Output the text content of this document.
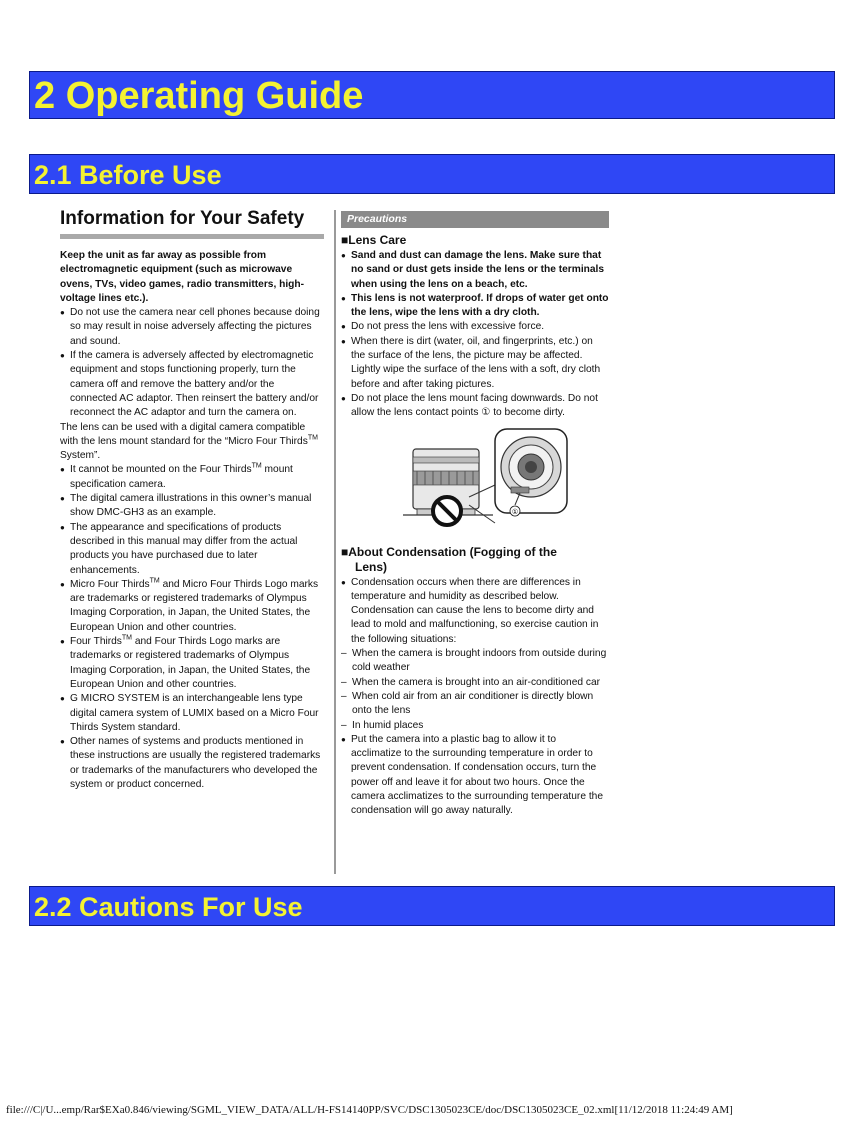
2 Operating Guide
2.1 Before Use

Information for Your Safety

Keep the unit as far away as possible from electromagnetic equipment (such as microwave ovens, TVs, video games, radio transmitters, high-voltage lines etc.).

● Do not use the camera near cell phones because doing so may result in noise adversely affecting the pictures and sound.
● If the camera is adversely affected by electromagnetic equipment and stops functioning properly, turn the camera off and remove the battery and/or the connected AC adaptor. Then reinsert the battery and/or reconnect the AC adaptor and turn the camera on.

The lens can be used with a digital camera compatible with the lens mount standard for the “Micro Four Thirds™ System”.

● It cannot be mounted on the Four Thirds™ mount specification camera.
● The digital camera illustrations in this owner’s manual show DMC-GH3 as an example.
● The appearance and specifications of products described in this manual may differ from the actual products you have purchased due to later enhancements.
● Micro Four Thirds™ and Micro Four Thirds Logo marks are trademarks or registered trademarks of Olympus Imaging Corporation, in Japan, the United States, the European Union and other countries.
● Four Thirds™ and Four Thirds Logo marks are trademarks or registered trademarks of Olympus Imaging Corporation, in Japan, the United States, the European Union and other countries.
● G MICRO SYSTEM is an interchangeable lens type digital camera system of LUMIX based on a Micro Four Thirds System standard.
● Other names of systems and products mentioned in these instructions are usually the registered trademarks or trademarks of the manufacturers who developed the system or product concerned.
Precautions
■Lens Care
● Sand and dust can damage the lens. Make sure that no sand or dust gets inside the lens or the terminals when using the lens on a beach, etc.
● This lens is not waterproof. If drops of water get onto the lens, wipe the lens with a dry cloth.
● Do not press the lens with excessive force.
● When there is dirt (water, oil, and fingerprints, etc.) on the surface of the lens, the picture may be affected. Lightly wipe the surface of the lens with a soft, dry cloth before and after taking pictures.
● Do not place the lens mount facing downwards. Do not allow the lens contact points ① to become dirty.
①
■About Condensation (Fogging of the
Lens)
● Condensation occurs when there are differences in temperature and humidity as described below. Condensation can cause the lens to become dirty and lead to mold and malfunctioning, so exercise caution in the following situations:
– When the camera is brought indoors from outside during cold weather
– When the camera is brought into an air-conditioned car
– When cold air from an air conditioner is directly blown onto the lens
– In humid places
● Put the camera into a plastic bag to allow it to acclimatize to the surrounding temperature in order to prevent condensation. If condensation occurs, turn the power off and leave it for about two hours. Once the camera acclimatizes to the surrounding temperature the condensation will go away naturally.
2.2 Cautions For Use
file:///C|/U...emp/Rar$EXa0.846/viewing/SGML_VIEW_DATA/ALL/H-FS14140PP/SVC/DSC1305023CE/doc/DSC1305023CE_02.xml[11/12/2018 11:24:49 AM]
